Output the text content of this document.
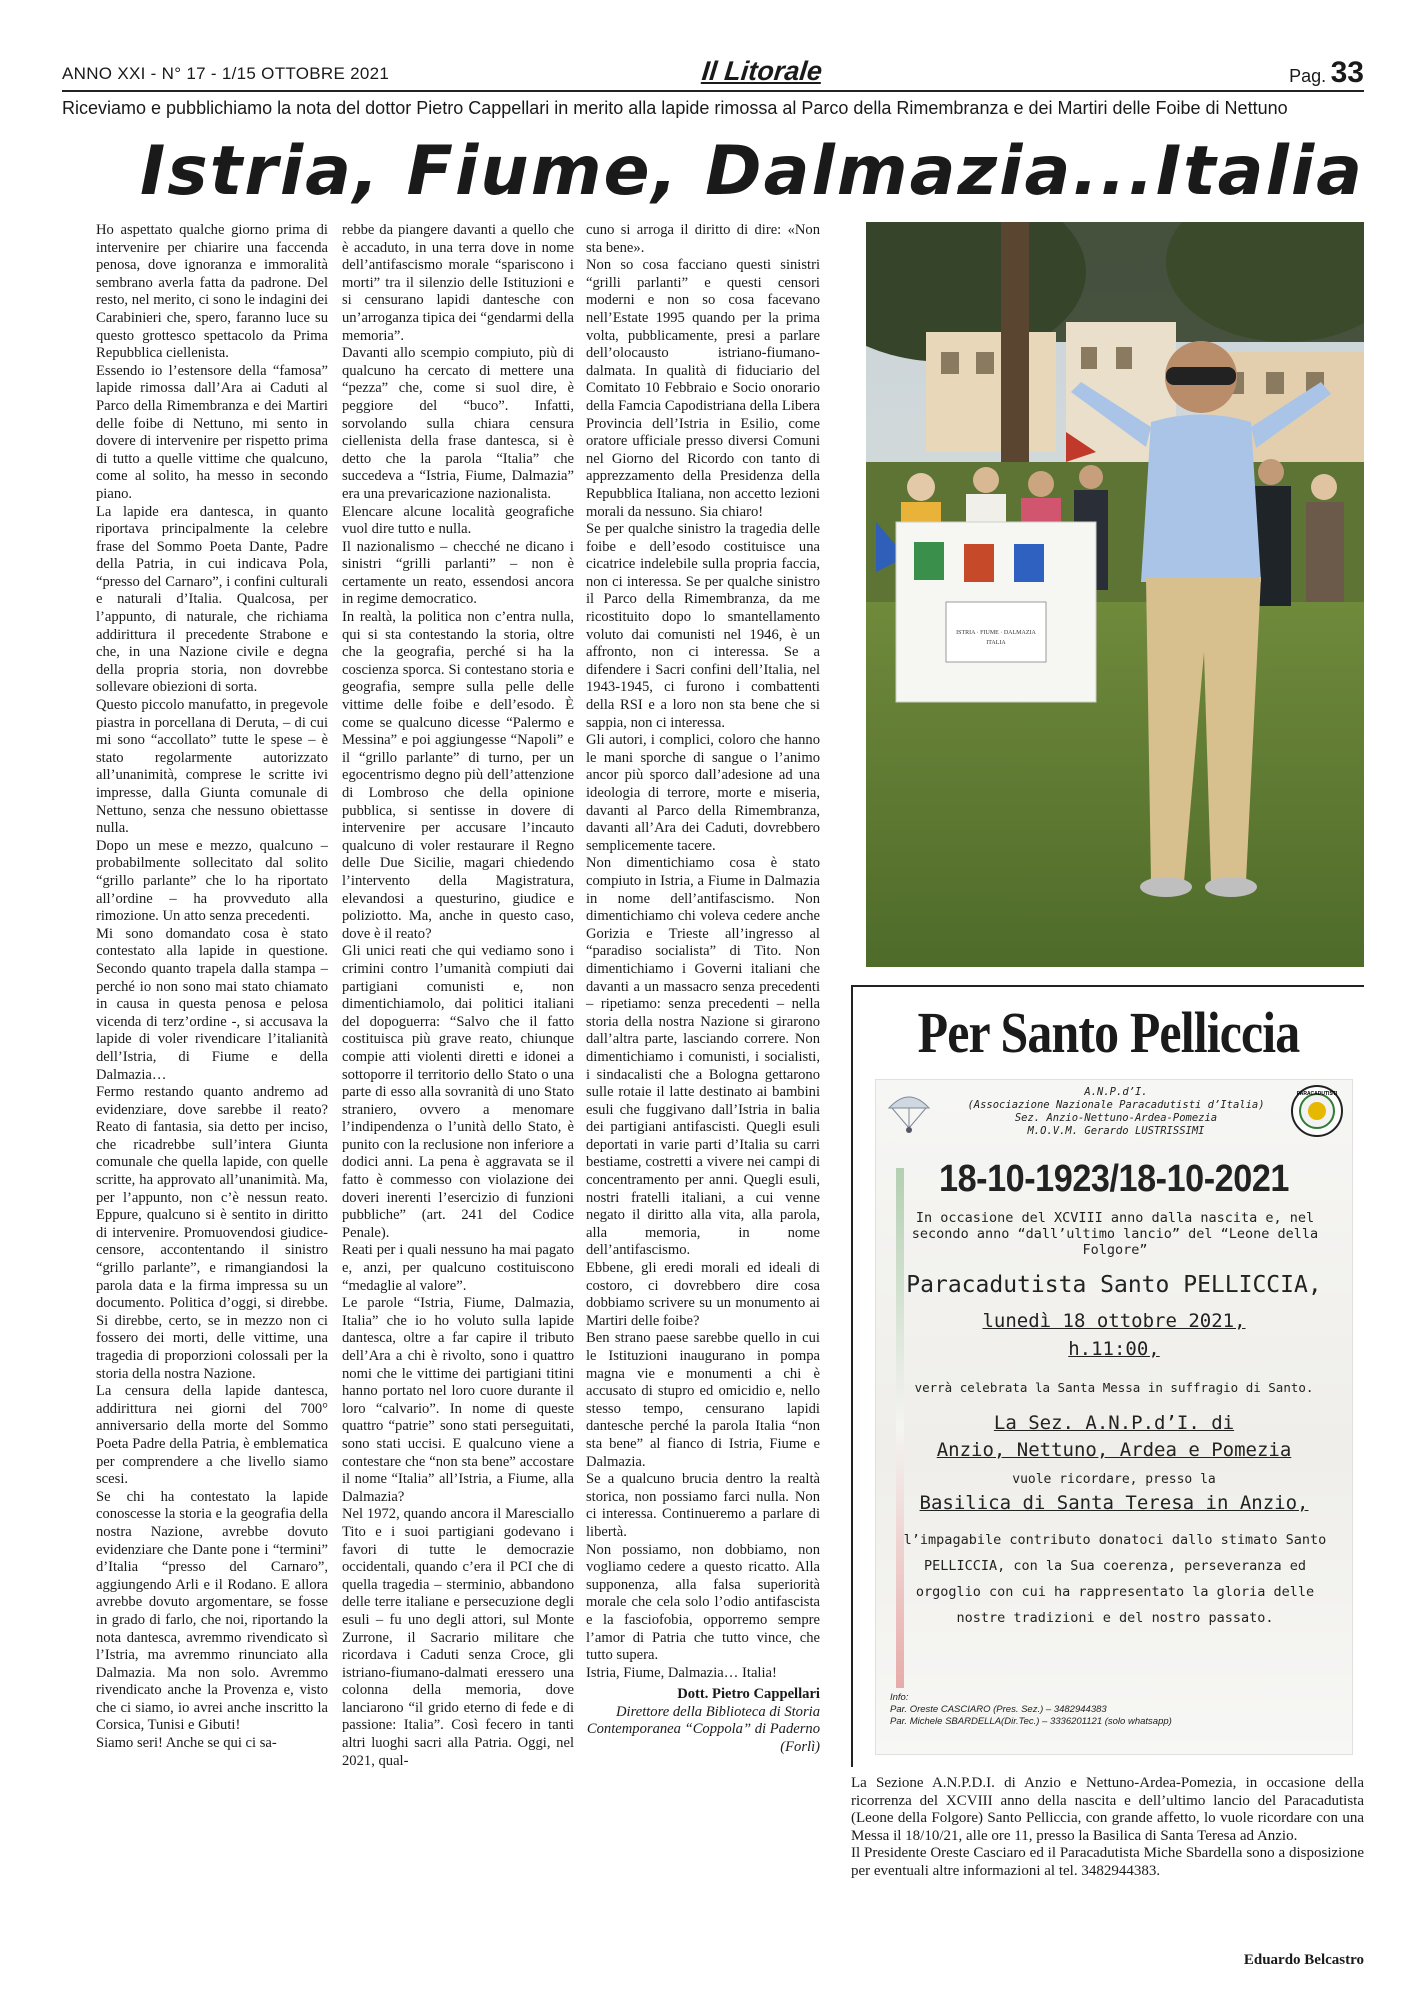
ANNO XXI - N° 17 - 1/15 OTTOBRE 2021	Il Litorale	Pag. 33
Riceviamo e pubblichiamo la nota del dottor Pietro Cappellari in merito alla lapide rimossa al Parco della Rimembranza e dei Martiri delle Foibe di Nettuno
Istria, Fiume, Dalmazia...Italia

Ho aspettato qualche giorno prima di intervenire per chiarire una faccenda penosa, dove ignoranza e immoralità sembrano averla fatta da padrone. Del resto, nel merito, ci sono le indagini dei Carabinieri che, spero, faranno luce su questo grottesco spettacolo da Prima Repubblica ciellenista.

Essendo io l’estensore della “famosa” lapide rimossa dall’Ara ai Caduti al Parco della Rimembranza e dei Martiri delle foibe di Nettuno, mi sento in dovere di intervenire per rispetto prima di tutto a quelle vittime che qualcuno, come al solito, ha messo in secondo piano.

La lapide era dantesca, in quanto riportava principalmente la celebre frase del Sommo Poeta Dante, Padre della Patria, in cui indicava Pola, “presso del Carnaro”, i confini culturali e naturali d’Italia. Qualcosa, per l’appunto, di naturale, che richiama addirittura il precedente Strabone e che, in una Nazione civile e degna della propria storia, non dovrebbe sollevare obiezioni di sorta.

Questo piccolo manufatto, in pregevole piastra in porcellana di Deruta, – di cui mi sono “accollato” tutte le spese – è stato regolarmente autorizzato all’unanimità, comprese le scritte ivi impresse, dalla Giunta comunale di Nettuno, senza che nessuno obiettasse nulla.

Dopo un mese e mezzo, qualcuno – probabilmente sollecitato dal solito “grillo parlante” che lo ha riportato all’ordine – ha provveduto alla rimozione. Un atto senza precedenti.

Mi sono domandato cosa è stato contestato alla lapide in questione. Secondo quanto trapela dalla stampa – perché io non sono mai stato chiamato in causa in questa penosa e pelosa vicenda di terz’ordine -, si accusava la lapide di voler rivendicare l’italianità dell’Istria, di Fiume e della Dalmazia…

Fermo restando quanto andremo ad evidenziare, dove sarebbe il reato? Reato di fantasia, sia detto per inciso, che ricadrebbe sull’intera Giunta comunale che quella lapide, con quelle scritte, ha approvato all’unanimità. Ma, per l’appunto, non c’è nessun reato. Eppure, qualcuno si è sentito in diritto di intervenire. Promuovendosi giudice-censore, accontentando il sinistro “grillo parlante”, e rimangiandosi la parola data e la firma impressa su un documento. Politica d’oggi, si direbbe. Si direbbe, certo, se in mezzo non ci fossero dei morti, delle vittime, una tragedia di proporzioni colossali per la storia della nostra Nazione.

La censura della lapide dantesca, addirittura nei giorni del 700° anniversario della morte del Sommo Poeta Padre della Patria, è emblematica per comprendere a che livello siamo scesi.

Se chi ha contestato la lapide conoscesse la storia e la geografia della nostra Nazione, avrebbe dovuto evidenziare che Dante pone i “termini” d’Italia “presso del Carnaro”, aggiungendo Arli e il Rodano. E allora avrebbe dovuto argomentare, se fosse in grado di farlo, che noi, riportando la nota dantesca, avremmo rivendicato sì l’Istria, ma avremmo rinunciato alla Dalmazia. Ma non solo. Avremmo rivendicato anche la Provenza e, visto che ci siamo, io avrei anche inscritto la Corsica, Tunisi e Gibuti!

Siamo seri! Anche se qui ci sa-

rebbe da piangere davanti a quello che è accaduto, in una terra dove in nome dell’antifascismo morale “spariscono i morti” tra il silenzio delle Istituzioni e si censurano lapidi dantesche con un’arroganza tipica dei “gendarmi della memoria”.

Davanti allo scempio compiuto, più di qualcuno ha cercato di mettere una “pezza” che, come si suol dire, è peggiore del “buco”. Infatti, sorvolando sulla chiara censura ciellenista della frase dantesca, si è detto che la parola “Italia” che succedeva a “Istria, Fiume, Dalmazia” era una prevaricazione nazionalista.

Elencare alcune località geografiche vuol dire tutto e nulla.

Il nazionalismo – checché ne dicano i sinistri “grilli parlanti” – non è certamente un reato, essendosi ancora in regime democratico.

In realtà, la politica non c’entra nulla, qui si sta contestando la storia, oltre che la geografia, perché si ha la coscienza sporca. Si contestano storia e geografia, sempre sulla pelle delle vittime delle foibe e dell’esodo. È come se qualcuno dicesse “Palermo e Messina” e poi aggiungesse “Napoli” e il “grillo parlante” di turno, per un egocentrismo degno più dell’attenzione di Lombroso che della opinione pubblica, si sentisse in dovere di intervenire per accusare l’incauto qualcuno di voler restaurare il Regno delle Due Sicilie, magari chiedendo l’intervento della Magistratura, elevandosi a questurino, giudice e poliziotto. Ma, anche in questo caso, dove è il reato?

Gli unici reati che qui vediamo sono i crimini contro l’umanità compiuti dai partigiani comunisti e, non dimentichiamolo, dai politici italiani del dopoguerra: “Salvo che il fatto costituisca più grave reato, chiunque compie atti violenti diretti e idonei a sottoporre il territorio dello Stato o una parte di esso alla sovranità di uno Stato straniero, ovvero a menomare l’indipendenza o l’unità dello Stato, è punito con la reclusione non inferiore a dodici anni. La pena è aggravata se il fatto è commesso con violazione dei doveri inerenti l’esercizio di funzioni pubbliche” (art. 241 del Codice Penale).

Reati per i quali nessuno ha mai pagato e, anzi, per qualcuno costituiscono “medaglie al valore”.

Le parole “Istria, Fiume, Dalmazia, Italia” che io ho voluto sulla lapide dantesca, oltre a far capire il tributo dell’Ara a chi è rivolto, sono i quattro nomi che le vittime dei partigiani titini hanno portato nel loro cuore durante il loro “calvario”. In nome di queste quattro “patrie” sono stati perseguitati, sono stati uccisi. E qualcuno viene a contestare che “non sta bene” accostare il nome “Italia” all’Istria, a Fiume, alla Dalmazia?

Nel 1972, quando ancora il Maresciallo Tito e i suoi partigiani godevano i favori di tutte le democrazie occidentali, quando c’era il PCI che di quella tragedia – sterminio, abbandono delle terre italiane e persecuzione degli esuli – fu uno degli attori, sul Monte Zurrone, il Sacrario militare che ricordava i Caduti senza Croce, gli istriano-fiumano-dalmati eressero una colonna della memoria, dove lanciarono “il grido eterno di fede e di passione: Italia”. Così fecero in tanti altri luoghi sacri alla Patria. Oggi, nel 2021, qual-

cuno si arroga il diritto di dire: «Non sta bene».

Non so cosa facciano questi sinistri “grilli parlanti” e questi censori moderni e non so cosa facevano nell’Estate 1995 quando per la prima volta, pubblicamente, presi a parlare dell’olocausto istriano-fiumano-dalmata. In qualità di fiduciario del Comitato 10 Febbraio e Socio onorario della Famcia Capodistriana della Libera Provincia dell’Istria in Esilio, come oratore ufficiale presso diversi Comuni nel Giorno del Ricordo con tanto di apprezzamento della Presidenza della Repubblica Italiana, non accetto lezioni morali da nessuno. Sia chiaro!

Se per qualche sinistro la tragedia delle foibe e dell’esodo costituisce una cicatrice indelebile sulla propria faccia, non ci interessa. Se per qualche sinistro il Parco della Rimembranza, da me ricostituito dopo lo smantellamento voluto dai comunisti nel 1946, è un affronto, non ci interessa. Se a difendere i Sacri confini dell’Italia, nel 1943-1945, ci furono i combattenti della RSI e a loro non sta bene che si sappia, non ci interessa.

Gli autori, i complici, coloro che hanno le mani sporche di sangue o l’animo ancor più sporco dall’adesione ad una ideologia di terrore, morte e miseria, davanti al Parco della Rimembranza, davanti all’Ara dei Caduti, dovrebbero semplicemente tacere.

Non dimentichiamo cosa è stato compiuto in Istria, a Fiume in Dalmazia in nome dell’antifascismo. Non dimentichiamo chi voleva cedere anche Gorizia e Trieste all’ingresso al “paradiso socialista” di Tito. Non dimentichiamo i Governi italiani che davanti a un massacro senza precedenti – ripetiamo: senza precedenti – nella storia della nostra Nazione si girarono dall’altra parte, lasciando correre. Non dimentichiamo i comunisti, i socialisti, i sindacalisti che a Bologna gettarono sulle rotaie il latte destinato ai bambini esuli che fuggivano dall’Istria in balia dei partigiani antifascisti. Quegli esuli deportati in varie parti d’Italia su carri bestiame, costretti a vivere nei campi di concentramento per anni. Quegli esuli, nostri fratelli italiani, a cui venne negato il diritto alla vita, alla parola, alla memoria, in nome dell’antifascismo.

Ebbene, gli eredi morali ed ideali di costoro, ci dovrebbero dire cosa dobbiamo scrivere su un monumento ai Martiri delle foibe?

Ben strano paese sarebbe quello in cui le Istituzioni inaugurano in pompa magna vie e monumenti a chi è accusato di stupro ed omicidio e, nello stesso tempo, censurano lapidi dantesche perché la parola Italia “non sta bene” al fianco di Istria, Fiume e Dalmazia.

Se a qualcuno brucia dentro la realtà storica, non possiamo farci nulla. Non ci interessa. Continueremo a parlare di libertà.

Non possiamo, non dobbiamo, non vogliamo cedere a questo ricatto. Alla supponenza, alla falsa superiorità morale che cela solo l’odio antifascista e la fasciofobia, opporremo sempre l’amor di Patria che tutto vince, che tutto supera.

Istria, Fiume, Dalmazia… Italia!

Dott. Pietro Cappellari
Direttore della Biblioteca di Storia Contemporanea “Coppola” di Paderno (Forlì)
ISTRIA · FIUME · DALMAZIA
ITALIA
Per Santo Pelliccia
PARACADUTISTI
A.N.P.d’I.
(Associazione Nazionale Paracadutisti d’Italia)
Sez. Anzio-Nettuno-Ardea-Pomezia
M.O.V.M. Gerardo LUSTRISSIMI
18-10-1923/18-10-2021
In occasione del XCVIII anno dalla nascita e, nel secondo anno “dall’ultimo lancio” del “Leone della Folgore”
Paracadutista Santo PELLICCIA,
lunedì 18 ottobre 2021,
h.11:00,
verrà celebrata la Santa Messa in suffragio di Santo.
La Sez. A.N.P.d’I. di
Anzio, Nettuno, Ardea e Pomezia
vuole ricordare, presso la
Basilica di Santa Teresa in Anzio,
l’impagabile contributo donatoci dallo stimato Santo PELLICCIA, con la Sua coerenza, perseveranza ed orgoglio con cui ha rappresentato la gloria delle nostre tradizioni e del nostro passato.
Info:
Par. Oreste CASCIARO (Pres. Sez.) – 3482944383
Par. Michele SBARDELLA(Dir.Tec.) – 3336201121 (solo whatsapp)

La Sezione A.N.P.D.I. di Anzio e Nettuno-Ardea-Pomezia, in occasione della ricorrenza del XCVIII anno della nascita e dell’ultimo lancio del Paracadutista (Leone della Folgore) Santo Pelliccia, con grande affetto, lo vuole ricordare con una Messa il 18/10/21, alle ore 11, presso la Basilica di Santa Teresa ad Anzio.

Il Presidente Oreste Casciaro ed il Paracadutista Miche Sbardella sono a disposizione per eventuali altre informazioni al tel. 3482944383.

Eduardo Belcastro
